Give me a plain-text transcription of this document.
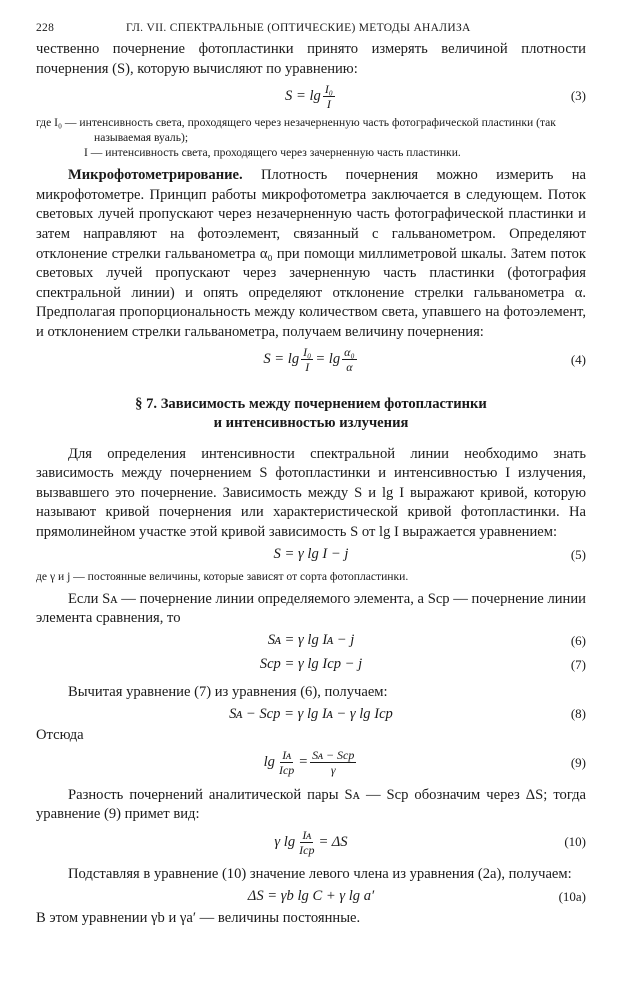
228	ГЛ. VII. СПЕКТРАЛЬНЫЕ (ОПТИЧЕСКИЕ) МЕТОДЫ АНАЛИЗА

чественно почернение фотопластинки принято измерять величиной плотности почернения (S), которую вычисляют по уравнению:

$S = \lg \frac{\text{I₀}}{I}$	(3)
где I₀ — интенсивность света, проходящего через незачерненную часть фотографической пластинки (так называемая вуаль);
I — интенсивность света, проходящего через зачерненную часть пластинки.

Микрофотометрирование. Плотность почернения можно измерить на микрофотометре. Принцип работы микрофотометра заключается в следующем. Поток световых лучей пропускают через незачерненную часть фотографической пластинки и затем направляют на фотоэлемент, связанный с гальванометром. Определяют отклонение стрелки гальванометра α₀ при помощи миллиметровой шкалы. Затем поток световых лучей пропускают через зачерненную часть пластинки (фотография спектральной линии) и опять определяют отклонение стрелки гальванометра α. Предполагая пропорциональность между количеством света, упавшего на фотоэлемент, и отклонением стрелки гальванометра, получаем величину почернения:

$S = \lg \frac{\text{I₀}}{I} = \lg \frac{\text{α₀}}{\alpha}$	(4)
§ 7. Зависимость между почернением фотопластинки
и интенсивностью излучения

Для определения интенсивности спектральной линии необходимо знать зависимость между почернением S фотопластинки и интенсивностью I излучения, вызвавшего это почернение. Зависимость между S и lg I выражают кривой, которую называют кривой почернения или характеристической кривой фотопластинки. На прямолинейном участке этой кривой зависимость S от lg I выражается уравнением:

S = γ lg I − j	(5)

де γ и j — постоянные величины, которые зависят от сорта фотопластинки.

Если Sᴀ — почернение линии определяемого элемента, а Sср — почернение линии элемента сравнения, то

Sᴀ = γ lg Iᴀ − j	(6)
Sср = γ lg Iср − j	(7)

Вычитая уравнение (7) из уравнения (6), получаем:

Sᴀ − Sср = γ lg Iᴀ − γ lg Iср	(8)

Отсюда

$\lg \frac{\text{Iᴀ}}{\text{Iср}} = \frac{\text{Sᴀ − Sср}}{\gamma}$	(9)

Разность почернений аналитической пары Sᴀ — Sср обозначим через ΔS; тогда уравнение (9) примет вид:

γ $\lg \frac{\text{Iᴀ}}{\text{Iср}} = \Delta S$	(10)

Подставляя в уравнение (10) значение левого члена из уравнения (2а), получаем:

ΔS = γb lg C + γ lg a′	(10а)

В этом уравнении γb и γa′ — величины постоянные.
